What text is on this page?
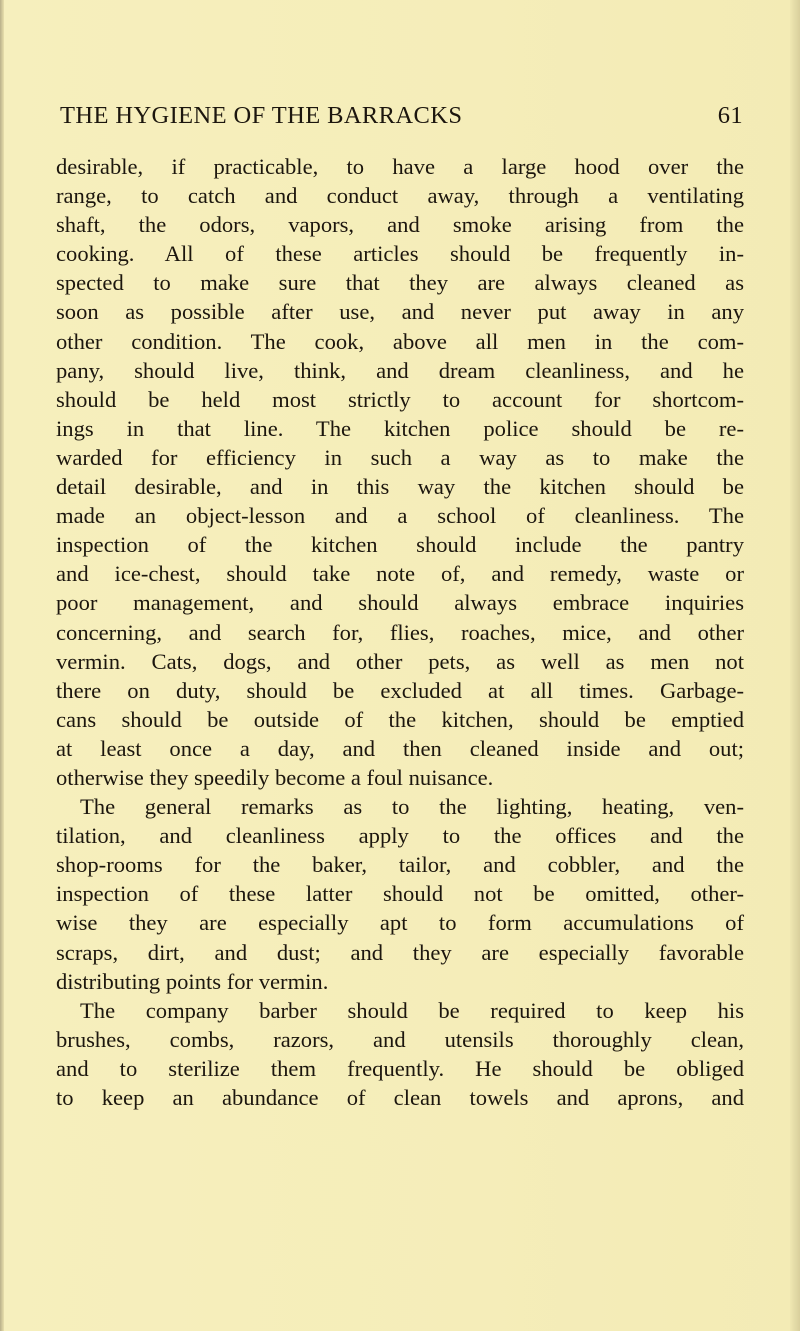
THE HYGIENE OF THE BARRACKS	61
desirable, if practicable, to have a large hood over the
range, to catch and conduct away, through a ventilating
shaft, the odors, vapors, and smoke arising from the
cooking. All of these articles should be frequently in-
spected to make sure that they are always cleaned as
soon as possible after use, and never put away in any
other condition. The cook, above all men in the com-
pany, should live, think, and dream cleanliness, and he
should be held most strictly to account for shortcom-
ings in that line. The kitchen police should be re-
warded for efficiency in such a way as to make the
detail desirable, and in this way the kitchen should be
made an object-lesson and a school of cleanliness. The
inspection of the kitchen should include the pantry
and ice-chest, should take note of, and remedy, waste or
poor management, and should always embrace inquiries
concerning, and search for, flies, roaches, mice, and other
vermin. Cats, dogs, and other pets, as well as men not
there on duty, should be excluded at all times. Garbage-
cans should be outside of the kitchen, should be emptied
at least once a day, and then cleaned inside and out;
otherwise they speedily become a foul nuisance.
The general remarks as to the lighting, heating, ven-
tilation, and cleanliness apply to the offices and the
shop-rooms for the baker, tailor, and cobbler, and the
inspection of these latter should not be omitted, other-
wise they are especially apt to form accumulations of
scraps, dirt, and dust; and they are especially favorable
distributing points for vermin.
The company barber should be required to keep his
brushes, combs, razors, and utensils thoroughly clean,
and to sterilize them frequently. He should be obliged
to keep an abundance of clean towels and aprons, and
